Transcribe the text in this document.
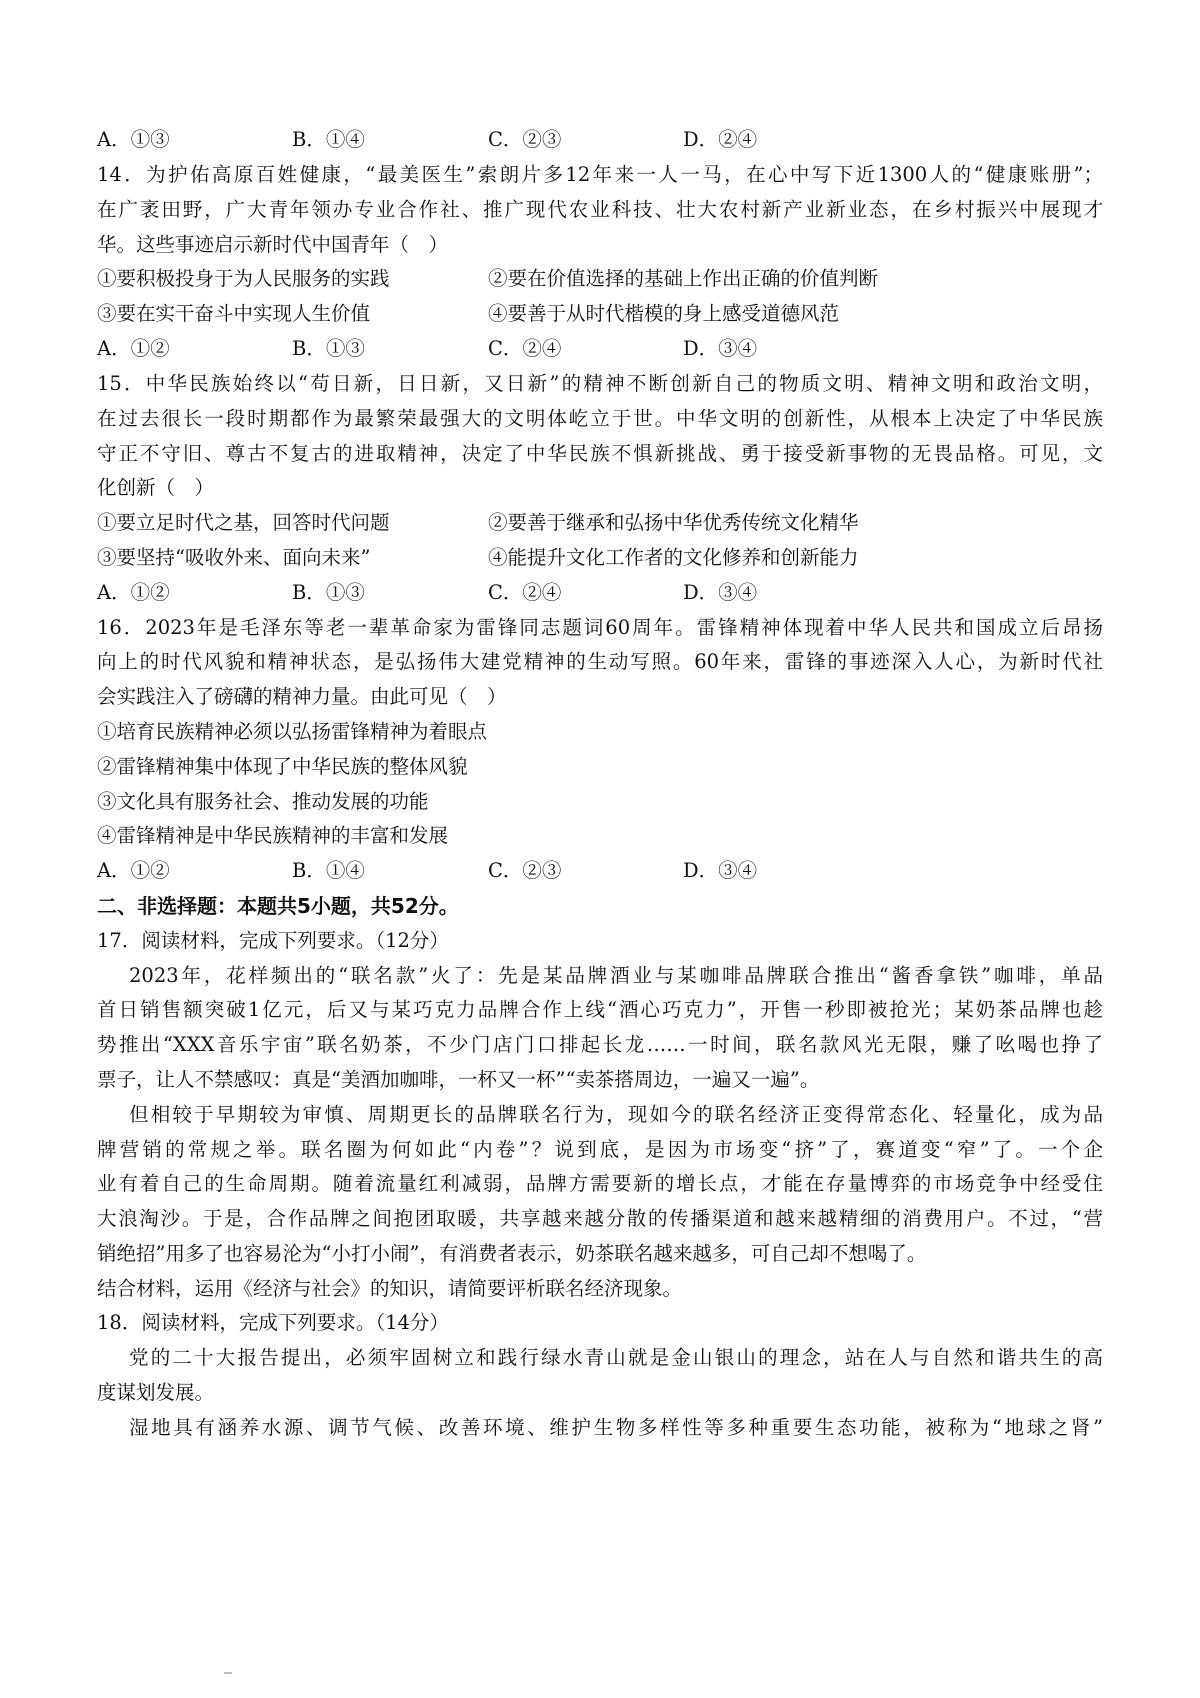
A．①③	B．①④	C．②③	D．②④
14．为护佑高原百姓健康，“最美医生”索朗片多12年来一人一马，在心中写下近1300人的“健康账册”；
在广袤田野，广大青年领办专业合作社、推广现代农业科技、壮大农村新产业新业态，在乡村振兴中展现才
华。这些事迹启示新时代中国青年（　）
①要积极投身于为人民服务的实践	②要在价值选择的基础上作出正确的价值判断
③要在实干奋斗中实现人生价值	④要善于从时代楷模的身上感受道德风范
A．①②	B．①③	C．②④	D．③④
15．中华民族始终以“苟日新，日日新，又日新”的精神不断创新自己的物质文明、精神文明和政治文明，
在过去很长一段时期都作为最繁荣最强大的文明体屹立于世。中华文明的创新性，从根本上决定了中华民族
守正不守旧、尊古不复古的进取精神，决定了中华民族不惧新挑战、勇于接受新事物的无畏品格。可见，文
化创新（　）
①要立足时代之基，回答时代问题	②要善于继承和弘扬中华优秀传统文化精华
③要坚持“吸收外来、面向未来”	④能提升文化工作者的文化修养和创新能力
A．①②	B．①③	C．②④	D．③④
16．2023年是毛泽东等老一辈革命家为雷锋同志题词60周年。雷锋精神体现着中华人民共和国成立后昂扬
向上的时代风貌和精神状态，是弘扬伟大建党精神的生动写照。60年来，雷锋的事迹深入人心，为新时代社
会实践注入了磅礴的精神力量。由此可见（　）
①培育民族精神必须以弘扬雷锋精神为着眼点
②雷锋精神集中体现了中华民族的整体风貌
③文化具有服务社会、推动发展的功能
④雷锋精神是中华民族精神的丰富和发展
A．①②	B．①④	C．②③	D．③④
二、非选择题：本题共5小题，共52分。
17．阅读材料，完成下列要求。（12分）
2023年，花样频出的“联名款”火了：先是某品牌酒业与某咖啡品牌联合推出“酱香拿铁”咖啡，单品
首日销售额突破1亿元，后又与某巧克力品牌合作上线“酒心巧克力”，开售一秒即被抢光；某奶茶品牌也趁
势推出“XXX音乐宇宙”联名奶茶，不少门店门口排起长龙……一时间，联名款风光无限，赚了吆喝也挣了
票子，让人不禁感叹：真是“美酒加咖啡，一杯又一杯”“卖茶搭周边，一遍又一遍”。
但相较于早期较为审慎、周期更长的品牌联名行为，现如今的联名经济正变得常态化、轻量化，成为品
牌营销的常规之举。联名圈为何如此“内卷”？说到底，是因为市场变“挤”了，赛道变“窄”了。一个企
业有着自己的生命周期。随着流量红利减弱，品牌方需要新的增长点，才能在存量博弈的市场竞争中经受住
大浪淘沙。于是，合作品牌之间抱团取暖，共享越来越分散的传播渠道和越来越精细的消费用户。不过，“营
销绝招”用多了也容易沦为“小打小闹”，有消费者表示，奶茶联名越来越多，可自己却不想喝了。
结合材料，运用《经济与社会》的知识，请简要评析联名经济现象。
18．阅读材料，完成下列要求。（14分）
党的二十大报告提出，必须牢固树立和践行绿水青山就是金山银山的理念，站在人与自然和谐共生的高
度谋划发展。
湿地具有涵养水源、调节气候、改善环境、维护生物多样性等多种重要生态功能，被称为“地球之肾”
